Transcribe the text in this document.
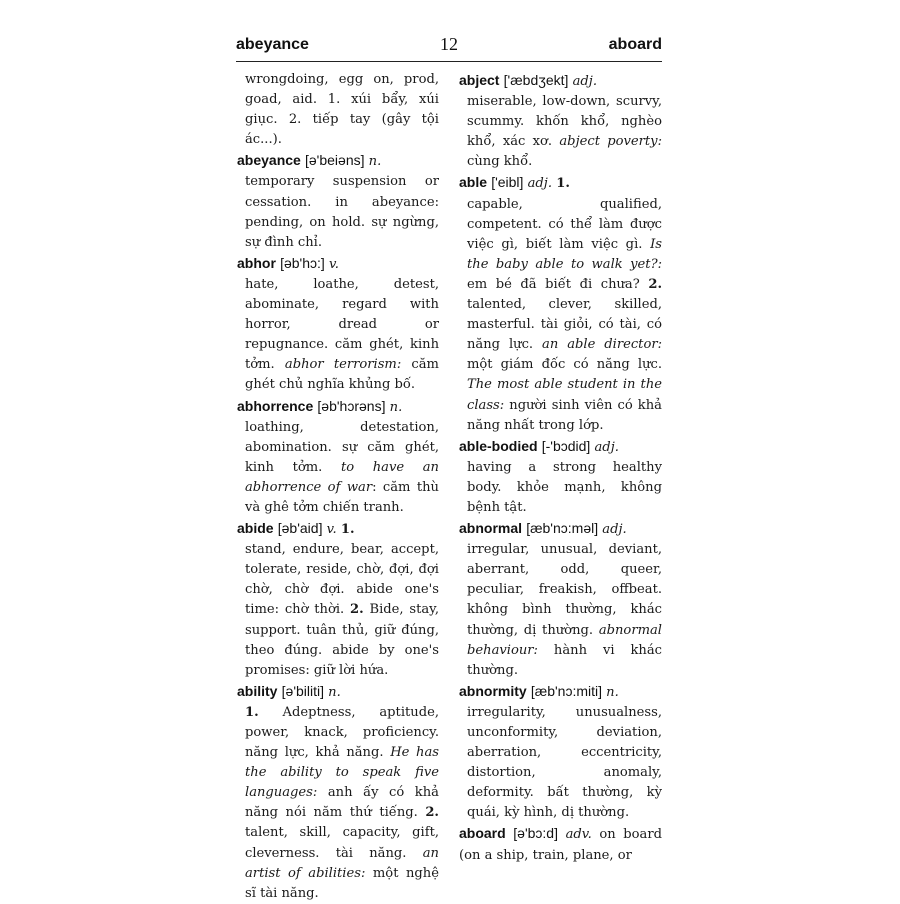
abeyance	12	aboard
wrongdoing, egg on, prod, goad, aid. 1. xúi bẩy, xúi giục. 2. tiếp tay (gây tội ác...).
abeyance [ə'beiəns] n.
temporary suspension or cessation. in abeyance: pending, on hold. sự ngừng, sự đình chỉ.
abhor [əb'hɔ:] v.
hate, loathe, detest, abominate, regard with horror, dread or repugnance. căm ghét, kinh tởm. abhor terrorism: căm ghét chủ nghĩa khủng bố.
abhorrence [əb'hɔrəns] n.
loathing, detestation, abomination. sự căm ghét, kinh tởm. to have an abhorrence of war: căm thù và ghê tởm chiến tranh.
abide [əb'aid] v. 1.
stand, endure, bear, accept, tolerate, reside, chờ, đợi, đợi chờ, chờ đợi. abide one's time: chờ thời. 2. Bide, stay, support. tuân thủ, giữ đúng, theo đúng. abide by one's promises: giữ lời hứa.
ability [ə'biliti] n.
1. Adeptness, aptitude, power, knack, proficiency. năng lực, khả năng. He has the ability to speak five languages: anh ấy có khả năng nói năm thứ tiếng. 2. talent, skill, capacity, gift, cleverness. tài năng. an artist of abilities: một nghệ sĩ tài năng.
abject ['æbdʒekt] adj.
miserable, low-down, scurvy, scummy. khốn khổ, nghèo khổ, xác xơ. abject poverty: cùng khổ.
able ['eibl] adj. 1.
capable, qualified, competent. có thể làm được việc gì, biết làm việc gì. Is the baby able to walk yet?: em bé đã biết đi chưa? 2. talented, clever, skilled, masterful. tài giỏi, có tài, có năng lực. an able director: một giám đốc có năng lực. The most able student in the class: người sinh viên có khả năng nhất trong lớp.
able-bodied [-'bɔdid] adj.
having a strong healthy body. khỏe mạnh, không bệnh tật.
abnormal [æb'nɔ:məl] adj.
irregular, unusual, deviant, aberrant, odd, queer, peculiar, freakish, offbeat. không bình thường, khác thường, dị thường. abnormal behaviour: hành vi khác thường.
abnormity [æb'nɔ:miti] n.
irregularity, unusualness, unconformity, deviation, aberration, eccentricity, distortion, anomaly, deformity. bất thường, kỳ quái, kỳ hình, dị thường.
aboard [ə'bɔ:d] adv. on board (on a ship, train, plane, or
